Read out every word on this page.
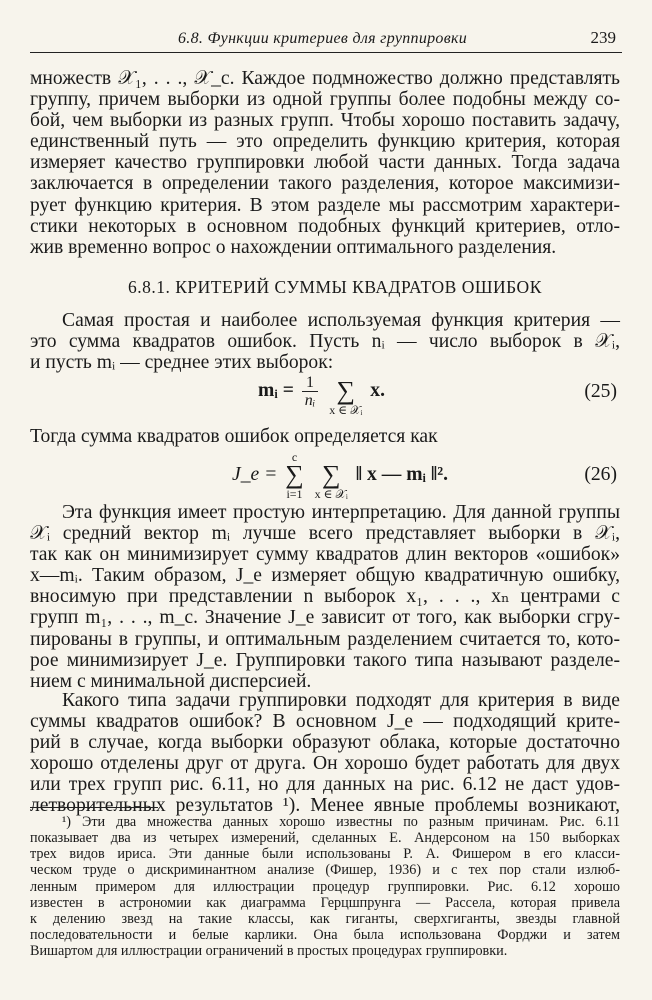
6.8. Функции критериев для группировки	239
множеств 𝒳₁, . . ., 𝒳_c. Каждое подмножество должно представлять
группу, причем выборки из одной группы более подобны между со-
бой, чем выборки из разных групп. Чтобы хорошо поставить задачу,
единственный путь — это определить функцию критерия, которая
измеряет качество группировки любой части данных. Тогда задача
заключается в определении такого разделения, которое максимизи-
рует функцию критерия. В этом разделе мы рассмотрим характери-
стики некоторых в основном подобных функций критериев, отло-
жив временно вопрос о нахождении оптимального разделения.
6.8.1. КРИТЕРИЙ СУММЫ КВАДРАТОВ ОШИБОК
Самая простая и наиболее используемая функция критерия —
это сумма квадратов ошибок. Пусть nᵢ — число выборок в 𝒳ᵢ,
и пусть mᵢ — среднее этих выборок:
mᵢ = $\frac{1}{\text{nᵢ}}$
∑
x ∈ 𝒳ᵢ
x.	(25)
Тогда сумма квадратов ошибок определяется как
J_e =
c
∑
i=1

∑
x ∈ 𝒳ᵢ
‖ x — mᵢ ‖².	(26)
Эта функция имеет простую интерпретацию. Для данной группы
𝒳ᵢ средний вектор mᵢ лучше всего представляет выборки в 𝒳ᵢ,
так как он минимизирует сумму квадратов длин векторов «ошибок»
x—mᵢ. Таким образом, J_e измеряет общую квадратичную ошибку,
вносимую при представлении n выборок x₁, . . ., xₙ центрами c
групп m₁, . . ., m_c. Значение J_e зависит от того, как выборки сгру-
пированы в группы, и оптимальным разделением считается то, кото-
рое минимизирует J_e. Группировки такого типа называют разделе-
нием с минимальной дисперсией.
Какого типа задачи группировки подходят для критерия в виде
суммы квадратов ошибок? В основном J_e — подходящий крите-
рий в случае, когда выборки образуют облака, которые достаточно
хорошо отделены друг от друга. Он хорошо будет работать для двух
или трех групп рис. 6.11, но для данных на рис. 6.12 не даст удов-
летворительных результатов ¹). Менее явные проблемы возникают,
¹) Эти два множества данных хорошо известны по разным причинам. Рис. 6.11
показывает два из четырех измерений, сделанных Е. Андерсоном на 150 выборках
трех видов ириса. Эти данные были использованы Р. А. Фишером в его класси-
ческом труде о дискриминантном анализе (Фишер, 1936) и с тех пор стали излюб-
ленным примером для иллюстрации процедур группировки. Рис. 6.12 хорошо
известен в астрономии как диаграмма Герцшпрунга — Рассела, которая привела
к делению звезд на такие классы, как гиганты, сверхгиганты, звезды главной
последовательности и белые карлики. Она была использована Форджи и затем
Вишартом для иллюстрации ограничений в простых процедурах группировки.
